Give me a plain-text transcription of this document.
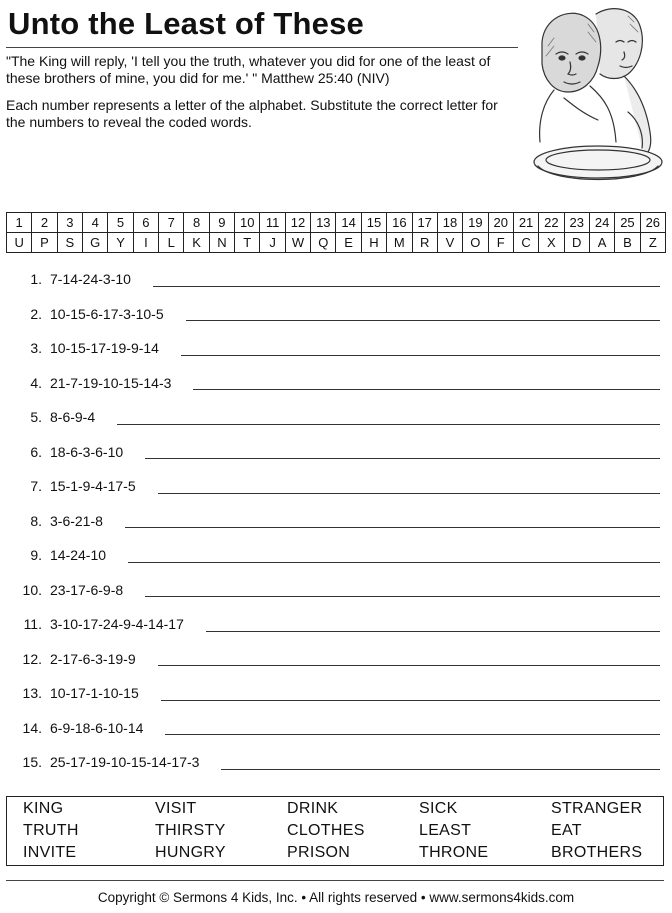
Unto the Least of These
"The King will reply, 'I tell you the truth, whatever you did for one of the least of these brothers of mine, you did for me.' " Matthew 25:40 (NIV)
Each number represents a letter of the alphabet. Substitute the correct letter for the numbers to reveal the coded words.
1	2	3	4	5	6	7	8	9	10	11	12	13	14	15	16	17	18	19	20	21	22	23	24	25	26
U	P	S	G	Y	I	L	K	N	T	J	W	Q	E	H	M	R	V	O	F	C	X	D	A	B	Z
1. 7-14-24-3-10
2. 10-15-6-17-3-10-5
3. 10-15-17-19-9-14
4. 21-7-19-10-15-14-3
5. 8-6-9-4
6. 18-6-3-6-10
7. 15-1-9-4-17-5
8. 3-6-21-8
9. 14-24-10
10. 23-17-6-9-8
11. 3-10-17-24-9-4-14-17
12. 2-17-6-3-19-9
13. 10-17-1-10-15
14. 6-9-18-6-10-14
15. 25-17-19-10-15-14-17-3
KING	VISIT	DRINK	SICK	STRANGER
TRUTH	THIRSTY	CLOTHES	LEAST	EAT
INVITE	HUNGRY	PRISON	THRONE	BROTHERS
Copyright © Sermons 4 Kids, Inc. • All rights reserved • www.sermons4kids.com
